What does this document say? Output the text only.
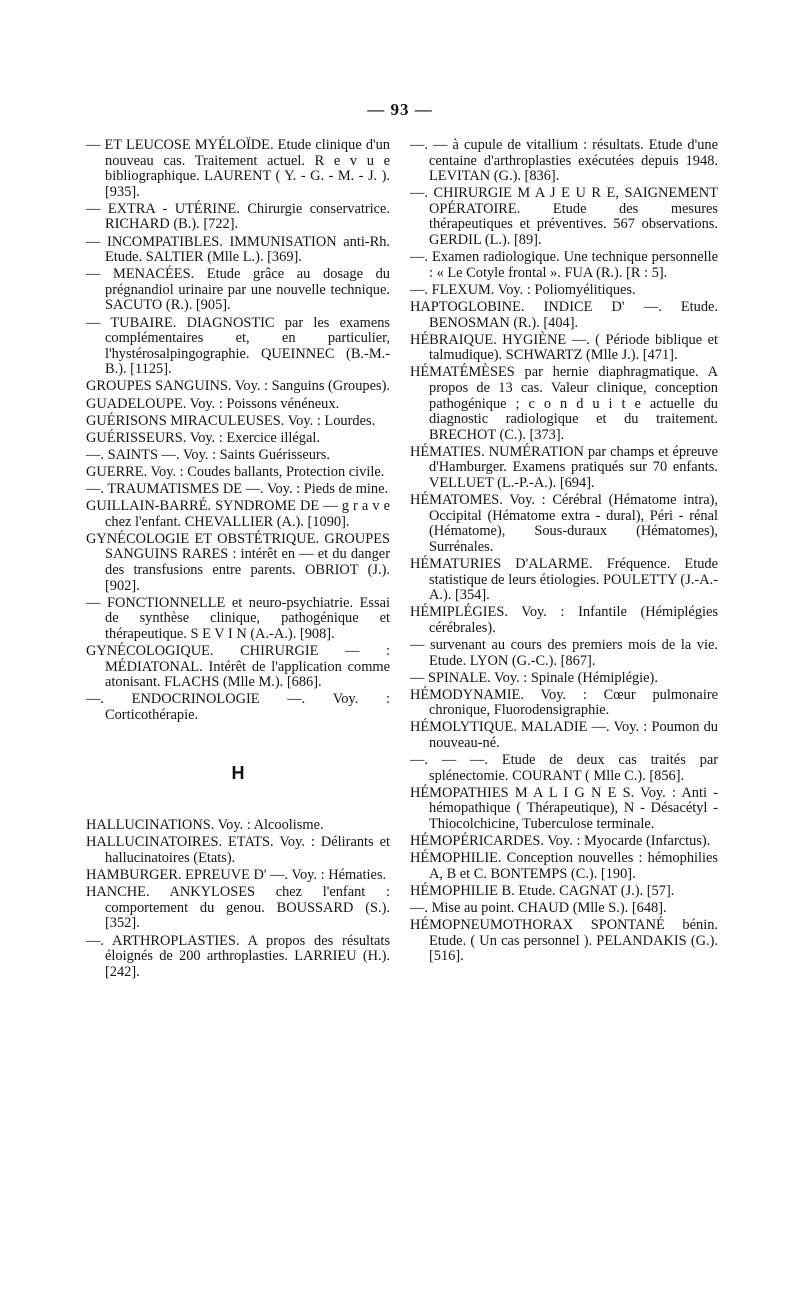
— 93 —

— ET LEUCOSE MYÉLOÏDE. Etude clinique d'un nouveau cas. Traitement actuel. R e v u e bibliographique. LAURENT ( Y. - G. - M. - J. ). [935].

— EXTRA - UTÉRINE. Chirurgie conservatrice. RICHARD (B.). [722].

— INCOMPATIBLES. IMMUNISATION anti-Rh. Etude. SALTIER (Mlle L.). [369].

— MENACÉES. Etude grâce au dosage du prégnandiol urinaire par une nouvelle technique. SACUTO (R.). [905].

— TUBAIRE. DIAGNOSTIC par les examens complémentaires et, en particulier, l'hystérosalpingographie. QUEINNEC (B.-M.-B.). [1125].

GROUPES SANGUINS. Voy. : Sanguins (Groupes).

GUADELOUPE. Voy. : Poissons vénéneux.

GUÉRISONS MIRACULEUSES. Voy. : Lourdes.

GUÉRISSEURS. Voy. : Exercice illégal.

—. SAINTS —. Voy. : Saints Guérisseurs.

GUERRE. Voy. : Coudes ballants, Protection civile.

—. TRAUMATISMES DE —. Voy. : Pieds de mine.

GUILLAIN-BARRÉ. SYNDROME DE — g r a v e chez l'enfant. CHEVALLIER (A.). [1090].

GYNÉCOLOGIE ET OBSTÉTRIQUE. GROUPES SANGUINS RARES : intérêt en — et du danger des transfusions entre parents. OBRIOT (J.). [902].

— FONCTIONNELLE et neuro-psychiatrie. Essai de synthèse clinique, pathogénique et thérapeutique. S E V I N (A.-A.). [908].

GYNÉCOLOGIQUE. CHIRURGIE — : MÉDIATONAL. Intérêt de l'application comme atonisant. FLACHS (Mlle M.). [686].

—. ENDOCRINOLOGIE —. Voy. : Corticothérapie.

H

HALLUCINATIONS. Voy. : Alcoolisme.

HALLUCINATOIRES. ETATS. Voy. : Délirants et hallucinatoires (Etats).

HAMBURGER. EPREUVE D' —. Voy. : Hématies.

HANCHE. ANKYLOSES chez l'enfant : comportement du genou. BOUSSARD (S.). [352].

—. ARTHROPLASTIES. A propos des résultats éloignés de 200 arthroplasties. LARRIEU (H.). [242].

—. — à cupule de vitallium : résultats. Etude d'une centaine d'arthroplasties exécutées depuis 1948. LEVITAN (G.). [836].

—. CHIRURGIE M A J E U R E, SAIGNEMENT OPÉRATOIRE. Etude des mesures thérapeutiques et préventives. 567 observations. GERDIL (L.). [89].

—. Examen radiologique. Une technique personnelle : « Le Cotyle frontal ». FUA (R.). [R : 5].

—. FLEXUM. Voy. : Poliomyélitiques.

HAPTOGLOBINE. INDICE D' —. Etude. BENOSMAN (R.). [404].

HÉBRAIQUE. HYGIÈNE —. ( Période biblique et talmudique). SCHWARTZ (Mlle J.). [471].

HÉMATÉMÈSES par hernie diaphragmatique. A propos de 13 cas. Valeur clinique, conception pathogénique ; c o n d u i t e actuelle du diagnostic radiologique et du traitement. BRECHOT (C.). [373].

HÉMATIES. NUMÉRATION par champs et épreuve d'Hamburger. Examens pratiqués sur 70 enfants. VELLUET (L.-P.-A.). [694].

HÉMATOMES. Voy. : Cérébral (Hématome intra), Occipital (Hématome extra - dural), Péri - rénal (Hématome), Sous-duraux (Hématomes), Surrénales.

HÉMATURIES D'ALARME. Fréquence. Etude statistique de leurs étiologies. POULETTY (J.-A.-A.). [354].

HÉMIPLÉGIES. Voy. : Infantile (Hémiplégies cérébrales).

— survenant au cours des premiers mois de la vie. Etude. LYON (G.-C.). [867].

— SPINALE. Voy. : Spinale (Hémiplégie).

HÉMODYNAMIE. Voy. : Cœur pulmonaire chronique, Fluorodensigraphie.

HÉMOLYTIQUE. MALADIE —. Voy. : Poumon du nouveau-né.

—. — —. Etude de deux cas traités par splénectomie. COURANT ( Mlle C.). [856].

HÉMOPATHIES M A L I G N E S. Voy. : Anti - hémopathique ( Thérapeutique), N - Désacétyl - Thiocolchicine, Tuberculose terminale.

HÉMOPÉRICARDES. Voy. : Myocarde (Infarctus).

HÉMOPHILIE. Conception nouvelles : hémophilies A, B et C. BONTEMPS (C.). [190].

HÉMOPHILIE B. Etude. CAGNAT (J.). [57].

—. Mise au point. CHAUD (Mlle S.). [648].

HÉMOPNEUMOTHORAX SPONTANÉ bénin. Etude. ( Un cas personnel ). PELANDAKIS (G.). [516].
